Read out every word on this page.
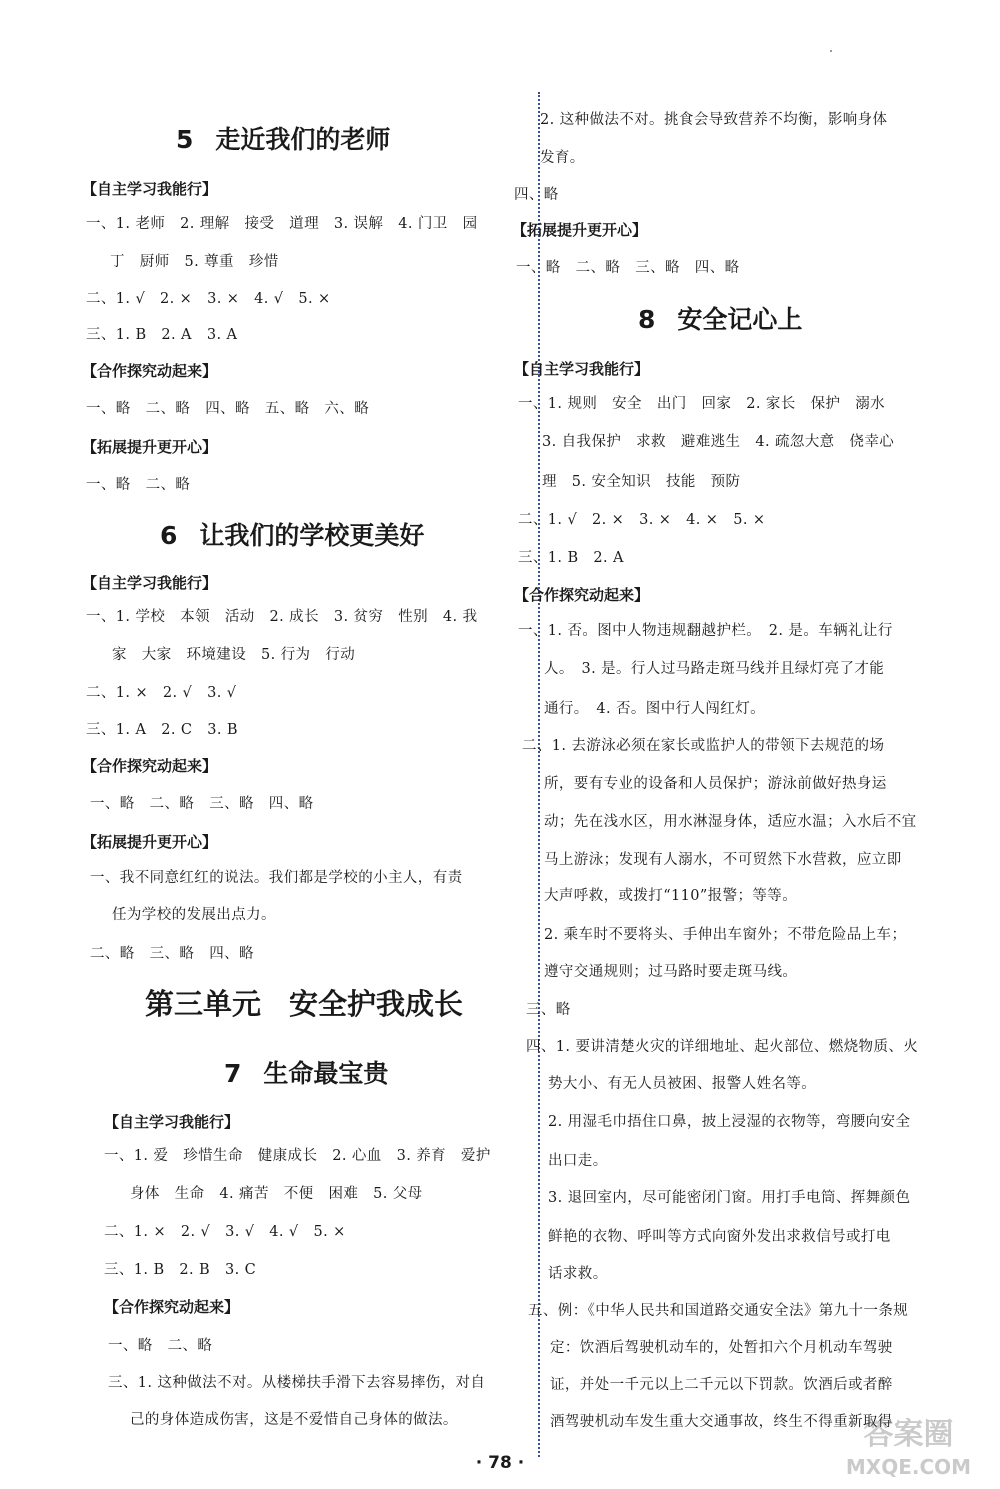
5 走近我们的老师
【自主学习我能行】
一、1. 老师　2. 理解　接受　道理　3. 误解　4. 门卫　园
丁　厨师　5. 尊重　珍惜
二、1. √　2. ×　3. ×　4. √　5. ×
三、1. B　2. A　3. A
【合作探究动起来】
一、略　二、略　四、略　五、略　六、略
【拓展提升更开心】
一、略　二、略
6 让我们的学校更美好
【自主学习我能行】
一、1. 学校　本领　活动　2. 成长　3. 贫穷　性别　4. 我
家　大家　环境建设　5. 行为　行动
二、1. ×　2. √　3. √
三、1. A　2. C　3. B
【合作探究动起来】
一、略　二、略　三、略　四、略
【拓展提升更开心】
一、我不同意红红的说法。我们都是学校的小主人，有责
任为学校的发展出点力。
二、略　三、略　四、略
第三单元 安全护我成长
7 生命最宝贵
【自主学习我能行】
一、1. 爱　珍惜生命　健康成长　2. 心血　3. 养育　爱护
身体　生命　4. 痛苦　不便　困难　5. 父母
二、1. ×　2. √　3. √　4. √　5. ×
三、1. B　2. B　3. C
【合作探究动起来】
一、略　二、略
三、1. 这种做法不对。从楼梯扶手滑下去容易摔伤，对自
己的身体造成伤害，这是不爱惜自己身体的做法。
2. 这种做法不对。挑食会导致营养不均衡，影响身体
发育。
四、略
【拓展提升更开心】
一、略　二、略　三、略　四、略
8 安全记心上
【自主学习我能行】
一、1. 规则　安全　出门　回家　2. 家长　保护　溺水
3. 自我保护　求救　避难逃生　4. 疏忽大意　侥幸心
理　5. 安全知识　技能　预防
二、1. √　2. ×　3. ×　4. ×　5. ×
三、1. B　2. A
【合作探究动起来】
一、1. 否。图中人物违规翻越护栏。　2. 是。车辆礼让行
人。　3. 是。行人过马路走斑马线并且绿灯亮了才能
通行。　4. 否。图中行人闯红灯。
二、1. 去游泳必须在家长或监护人的带领下去规范的场
所，要有专业的设备和人员保护；游泳前做好热身运
动；先在浅水区，用水淋湿身体，适应水温；入水后不宜
马上游泳；发现有人溺水，不可贸然下水营救，应立即
大声呼救，或拨打“110”报警；等等。
2. 乘车时不要将头、手伸出车窗外；不带危险品上车；
遵守交通规则；过马路时要走斑马线。
三、略
四、1. 要讲清楚火灾的详细地址、起火部位、燃烧物质、火
势大小、有无人员被困、报警人姓名等。
2. 用湿毛巾捂住口鼻，披上浸湿的衣物等，弯腰向安全
出口走。
3. 退回室内，尽可能密闭门窗。用打手电筒、挥舞颜色
鲜艳的衣物、呼叫等方式向窗外发出求救信号或打电
话求救。
五、例：《中华人民共和国道路交通安全法》第九十一条规
定：饮酒后驾驶机动车的，处暂扣六个月机动车驾驶
证，并处一千元以上二千元以下罚款。饮酒后或者醉
酒驾驶机动车发生重大交通事故，终生不得重新取得
· 78 ·
答案圈
MXQE.COM
